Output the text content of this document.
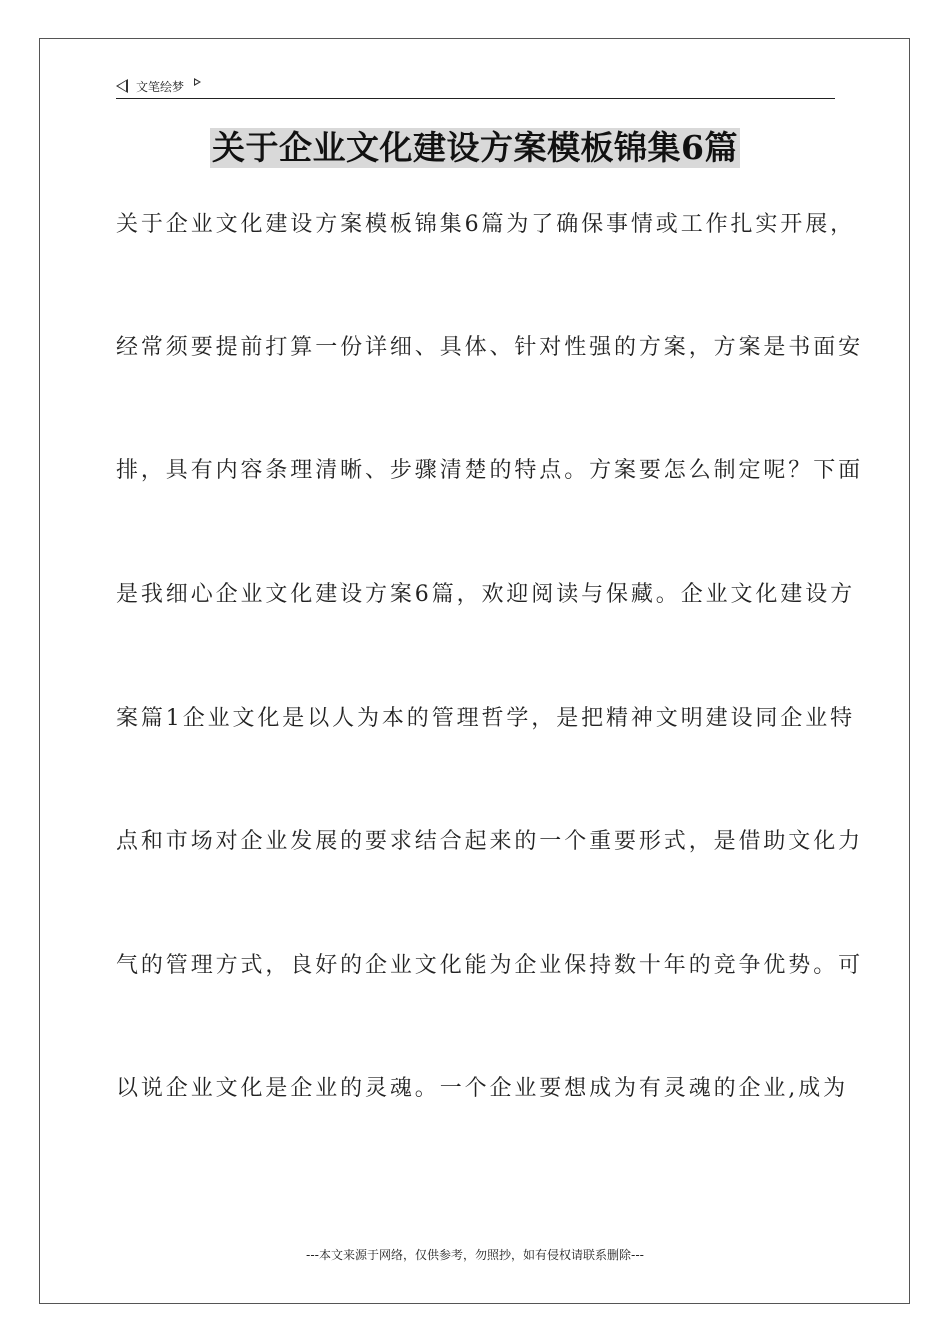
文笔绘梦
关于企业文化建设方案模板锦集6篇
关于企业文化建设方案模板锦集6篇为了确保事情或工作扎实开展，
经常须要提前打算一份详细、具体、针对性强的方案，方案是书面安
排，具有内容条理清晰、步骤清楚的特点。方案要怎么制定呢？下面
是我细心企业文化建设方案6篇，欢迎阅读与保藏。企业文化建设方
案篇1企业文化是以人为本的管理哲学，是把精神文明建设同企业特
点和市场对企业发展的要求结合起来的一个重要形式，是借助文化力
气的管理方式，良好的企业文化能为企业保持数十年的竞争优势。可
以说企业文化是企业的灵魂。一个企业要想成为有灵魂的企业,成为
---本文来源于网络，仅供参考，勿照抄，如有侵权请联系删除---
